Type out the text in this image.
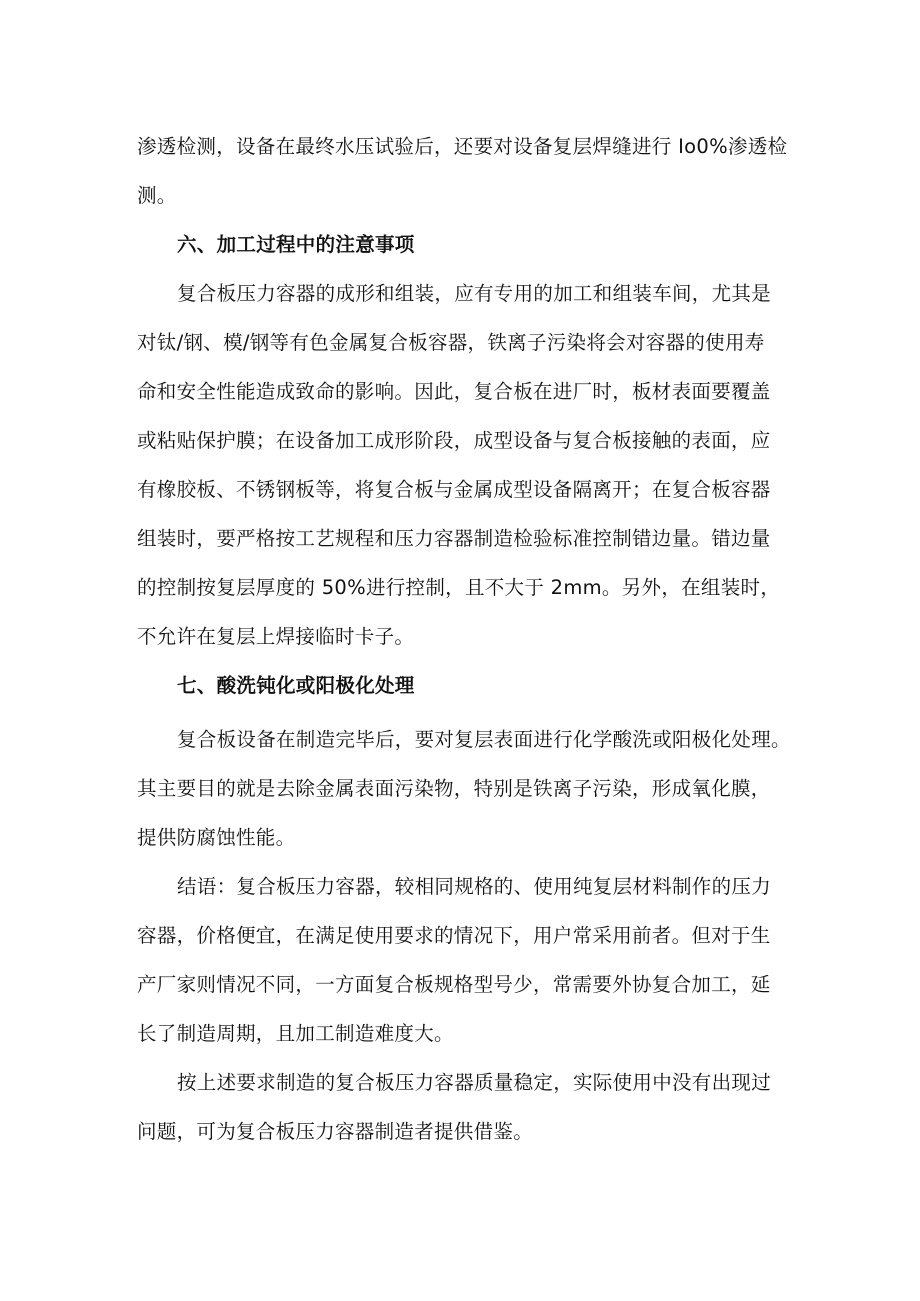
渗透检测，设备在最终水压试验后，还要对设备复层焊缝进行 Io0%渗透检
测。
六、加工过程中的注意事项
复合板压力容器的成形和组装，应有专用的加工和组装车间，尤其是
对钛/钢、模/钢等有色金属复合板容器，铁离子污染将会对容器的使用寿
命和安全性能造成致命的影响。因此，复合板在进厂时，板材表面要覆盖
或粘贴保护膜；在设备加工成形阶段，成型设备与复合板接触的表面，应
有橡胶板、不锈钢板等，将复合板与金属成型设备隔离开；在复合板容器
组装时，要严格按工艺规程和压力容器制造检验标准控制错边量。错边量
的控制按复层厚度的 50%进行控制，且不大于 2mm。另外，在组装时，
不允许在复层上焊接临时卡子。
七、酸洗钝化或阳极化处理
复合板设备在制造完毕后，要对复层表面进行化学酸洗或阳极化处理。
其主要目的就是去除金属表面污染物，特别是铁离子污染，形成氧化膜，
提供防腐蚀性能。
结语：复合板压力容器，较相同规格的、使用纯复层材料制作的压力
容器，价格便宜，在满足使用要求的情况下，用户常采用前者。但对于生
产厂家则情况不同，一方面复合板规格型号少，常需要外协复合加工，延
长了制造周期，且加工制造难度大。
按上述要求制造的复合板压力容器质量稳定，实际使用中没有出现过
问题，可为复合板压力容器制造者提供借鉴。
